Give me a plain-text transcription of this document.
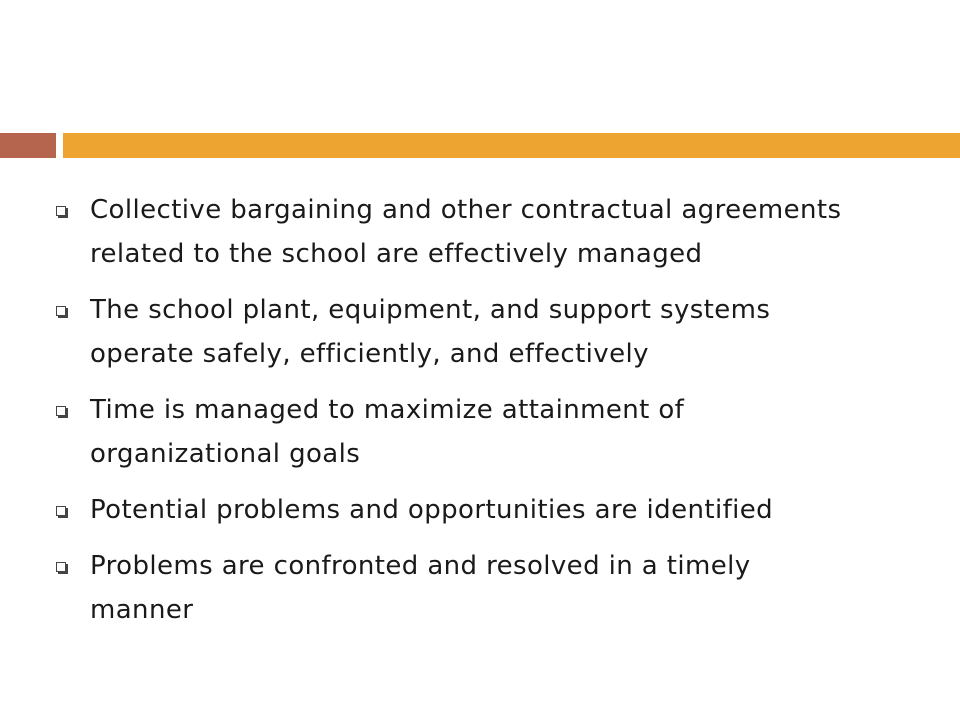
Collective bargaining and other contractual agreements related to the school are effectively managed
The school plant, equipment, and support systems operate safely, efficiently, and effectively
Time is managed to maximize attainment of organizational goals
Potential problems and opportunities are identified
Problems are confronted and resolved in a timely manner
